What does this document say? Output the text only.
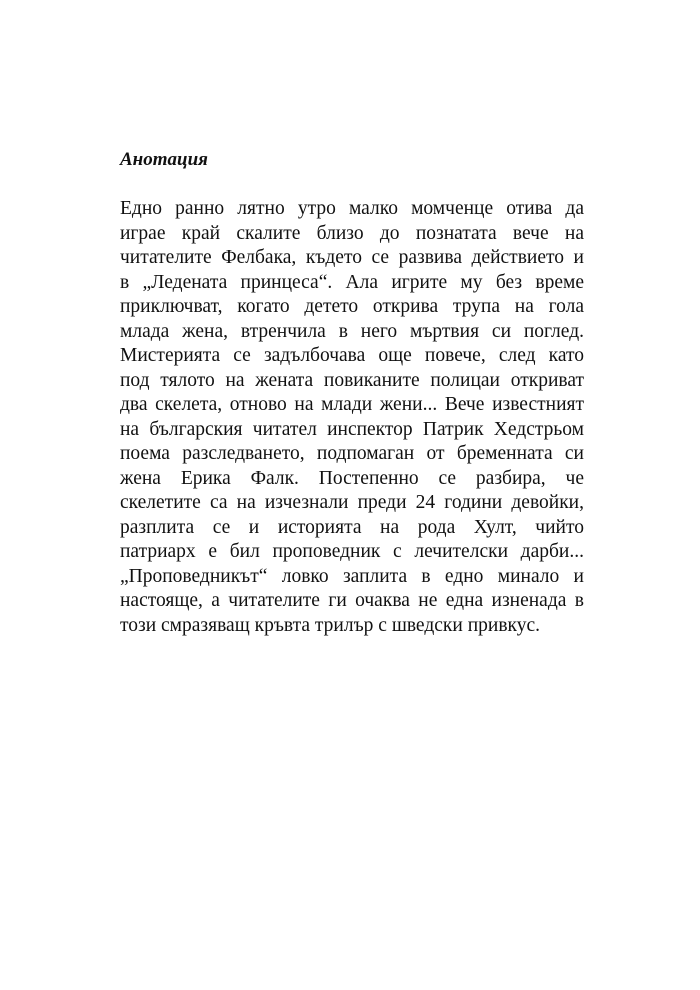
Анотация
Едно ранно лятно утро малко момченце отива да
играе край скалите близо до познатата вече на
читателите Фелбака, където се развива действието и
в „Ледената принцеса“. Ала игрите му без време
приключват, когато детето открива трупа на гола
млада жена, втренчила в него мъртвия си поглед.
Мистерията се задълбочава още повече, след като
под тялото на жената повиканите полицаи откриват
два скелета, отново на млади жени... Вече известният
на българския читател инспектор Патрик Хедстрьом
поема разследването, подпомаган от бременната си
жена Ерика Фалк. Постепенно се разбира, че
скелетите са на изчезнали преди 24 години девойки,
разплита се и историята на рода Хулт, чийто
патриарх е бил проповедник с лечителски дарби...
„Проповедникът“ ловко заплита в едно минало и
настояще, а читателите ги очаква не една изненада в
този смразяващ кръвта трилър с шведски привкус.
